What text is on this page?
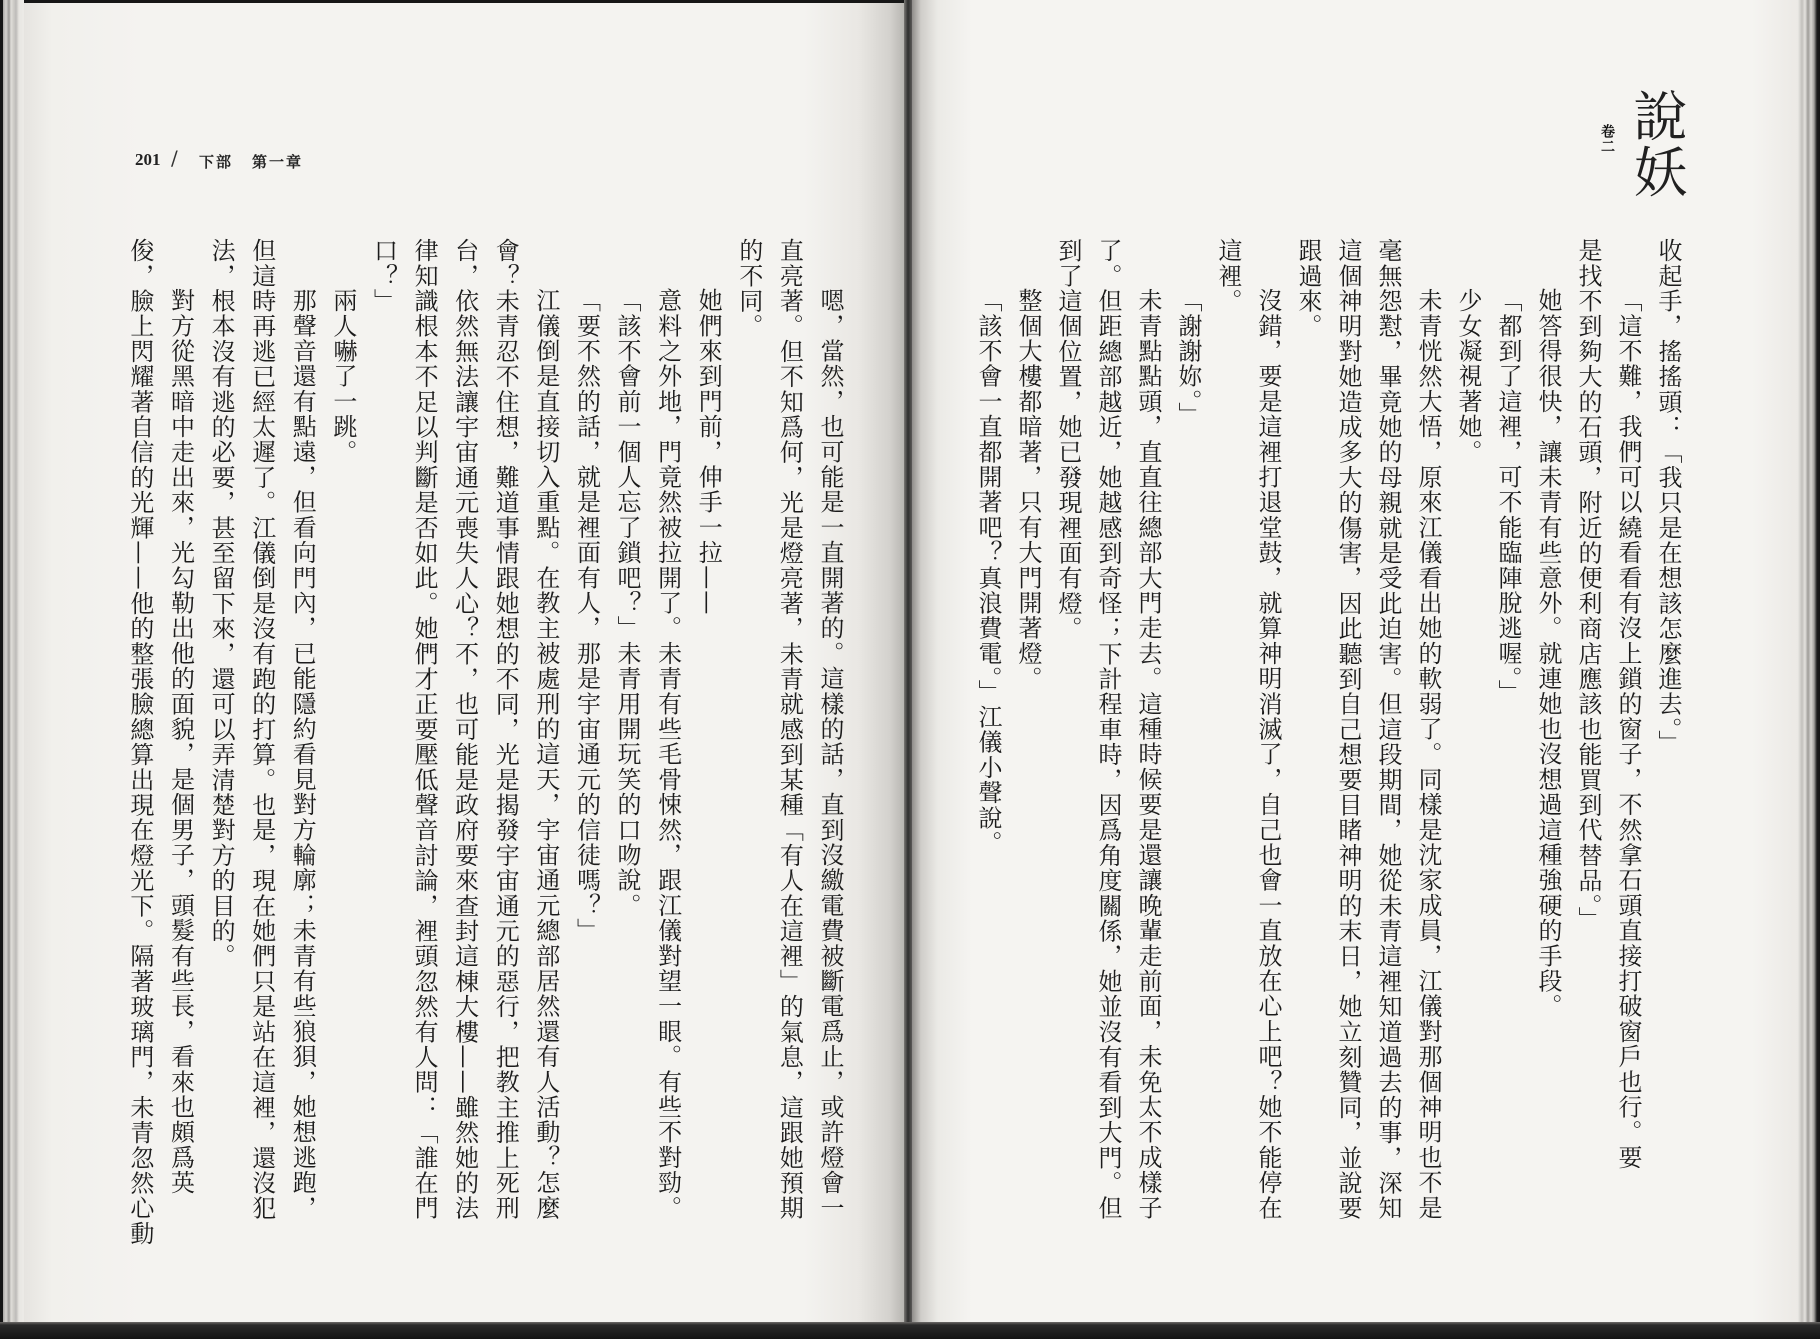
201 / 下部 第一章	說妖
卷二
嗯，當然，也可能是一直開著的。這樣的話，直到沒繳電費被斷電爲止，或許燈會一
直亮著。但不知爲何，光是燈亮著，未青就感到某種「有人在這裡」的氣息，這跟她預期
的不同。
她們來到門前，伸手一拉——
意料之外地，門竟然被拉開了。未青有些毛骨悚然，跟江儀對望一眼。有些不對勁。
「該不會前一個人忘了鎖吧？」未青用開玩笑的口吻說。
「要不然的話，就是裡面有人，那是宇宙通元的信徒嗎？」
江儀倒是直接切入重點。在教主被處刑的這天，宇宙通元總部居然還有人活動？怎麼
會？未青忍不住想，難道事情跟她想的不同，光是揭發宇宙通元的惡行，把教主推上死刑
台，依然無法讓宇宙通元喪失人心？不，也可能是政府要來查封這棟大樓——雖然她的法
律知識根本不足以判斷是否如此。她們才正要壓低聲音討論，裡頭忽然有人問：「誰在門
口？」
兩人嚇了一跳。
那聲音還有點遠，但看向門內，已能隱約看見對方輪廓；未青有些狼狽，她想逃跑，
但這時再逃已經太遲了。江儀倒是沒有跑的打算。也是，現在她們只是站在這裡，還沒犯
法，根本沒有逃的必要，甚至留下來，還可以弄清楚對方的目的。
對方從黑暗中走出來，光勾勒出他的面貌，是個男子，頭髮有些長，看來也頗爲英
俊，臉上閃耀著自信的光輝——他的整張臉總算出現在燈光下。隔著玻璃門，未青忽然心動	收起手，搖搖頭：「我只是在想該怎麼進去。」
「這不難，我們可以繞看看有沒上鎖的窗子，不然拿石頭直接打破窗戶也行。要
是找不到夠大的石頭，附近的便利商店應該也能買到代替品。」
她答得很快，讓未青有些意外。就連她也沒想過這種強硬的手段。
「都到了這裡，可不能臨陣脫逃喔。」
少女凝視著她。
未青恍然大悟，原來江儀看出她的軟弱了。同樣是沈家成員，江儀對那個神明也不是
毫無怨懟，畢竟她的母親就是受此迫害。但這段期間，她從未青這裡知道過去的事，深知
這個神明對她造成多大的傷害，因此聽到自己想要目睹神明的末日，她立刻贊同，並說要
跟過來。
沒錯，要是這裡打退堂鼓，就算神明消滅了，自己也會一直放在心上吧？她不能停在
這裡。
「謝謝妳。」
未青點點頭，直直往總部大門走去。這種時候要是還讓晚輩走前面，未免太不成樣子
了。但距總部越近，她越感到奇怪；下計程車時，因爲角度關係，她並沒有看到大門。但
到了這個位置，她已發現裡面有燈。
整個大樓都暗著，只有大門開著燈。
「該不會一直都開著吧？真浪費電。」江儀小聲說。
